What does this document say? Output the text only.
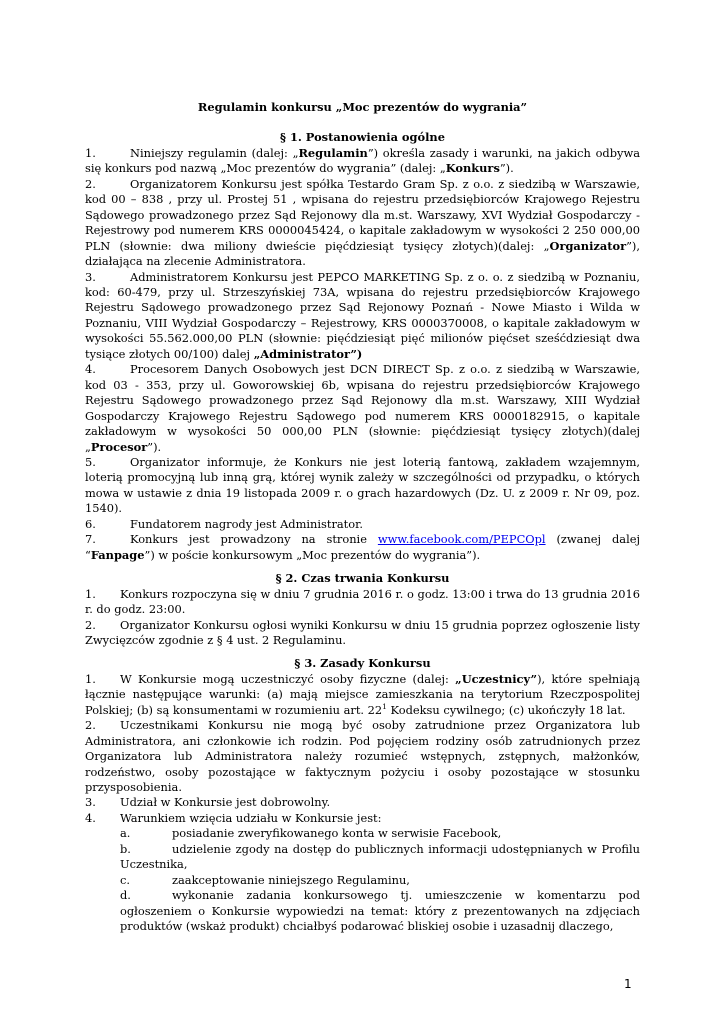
Regulamin konkursu „Moc prezentów do wygrania”

§ 1. Postanowienia ogólne

1.	Niniejszy regulamin (dalej: „Regulamin”) określa zasady i warunki, na jakich odbywa się konkurs pod nazwą „Moc prezentów do wygrania” (dalej: „Konkurs”).

2.	Organizatorem Konkursu jest spółka Testardo Gram Sp. z o.o. z siedzibą w Warszawie, kod 00 – 838 , przy ul. Prostej 51 , wpisana do rejestru przedsiębiorców Krajowego Rejestru Sądowego prowadzonego przez Sąd Rejonowy dla m.st. Warszawy, XVI Wydział Gospodarczy - Rejestrowy pod numerem KRS 0000045424, o kapitale zakładowym w wysokości 2 250 000,00 PLN (słownie: dwa miliony dwieście pięćdziesiąt tysięcy złotych)(dalej: „Organizator”), działająca na zlecenie Administratora.

3.	Administratorem Konkursu jest PEPCO MARKETING Sp. z o. o. z siedzibą w Poznaniu, kod: 60-479, przy ul. Strzeszyńskiej 73A, wpisana do rejestru przedsiębiorców Krajowego Rejestru Sądowego prowadzonego przez Sąd Rejonowy Poznań - Nowe Miasto i Wilda w Poznaniu, VIII Wydział Gospodarczy – Rejestrowy, KRS 0000370008, o kapitale zakładowym w wysokości 55.562.000,00 PLN (słownie: pięćdziesiąt pięć milionów pięćset sześćdziesiąt dwa tysiące złotych 00/100) dalej „Administrator”)

4.	Procesorem Danych Osobowych jest DCN DIRECT Sp. z o.o. z siedzibą w Warszawie, kod 03 - 353, przy ul. Goworowskiej 6b, wpisana do rejestru przedsiębiorców Krajowego Rejestru Sądowego prowadzonego przez Sąd Rejonowy dla m.st. Warszawy, XIII Wydział Gospodarczy Krajowego Rejestru Sądowego pod numerem KRS 0000182915, o kapitale zakładowym w wysokości 50 000,00 PLN (słownie: pięćdziesiąt tysięcy złotych)(dalej „Procesor”).

5.	Organizator informuje, że Konkurs nie jest loterią fantową, zakładem wzajemnym, loterią promocyjną lub inną grą, której wynik zależy w szczególności od przypadku, o których mowa w ustawie z dnia 19 listopada 2009 r. o grach hazardowych (Dz. U. z 2009 r. Nr 09, poz. 1540).

6.	Fundatorem nagrody jest Administrator.

7.	Konkurs jest prowadzony na stronie www.facebook.com/PEPCOpl (zwanej dalej “Fanpage”) w poście konkursowym „Moc prezentów do wygrania”).

§ 2. Czas trwania Konkursu

1. Konkurs rozpoczyna się w dniu 7 grudnia 2016 r. o godz. 13:00 i trwa do 13 grudnia 2016 r. do godz. 23:00.

2. Organizator Konkursu ogłosi wyniki Konkursu w dniu 15 grudnia poprzez ogłoszenie listy Zwycięzców zgodnie z § 4 ust. 2 Regulaminu.

§ 3. Zasady Konkursu

1. W Konkursie mogą uczestniczyć osoby fizyczne (dalej: „Uczestnicy”), które spełniają łącznie następujące warunki: (a) mają miejsce zamieszkania na terytorium Rzeczpospolitej Polskiej; (b) są konsumentami w rozumieniu art. $22^1$ Kodeksu cywilnego; (c) ukończyły 18 lat.

2. Uczestnikami Konkursu nie mogą być osoby zatrudnione przez Organizatora lub Administratora, ani członkowie ich rodzin. Pod pojęciem rodziny osób zatrudnionych przez Organizatora lub Administratora należy rozumieć wstępnych, zstępnych, małżonków, rodzeństwo, osoby pozostające w faktycznym pożyciu i osoby pozostające w stosunku przysposobienia.

3. Udział w Konkursie jest dobrowolny.

4. Warunkiem wzięcia udziału w Konkursie jest:

a.	posiadanie zweryfikowanego konta w serwisie Facebook,

b.	udzielenie zgody na dostęp do publicznych informacji udostępnianych w Profilu Uczestnika,

c.	zaakceptowanie niniejszego Regulaminu,

d.	wykonanie zadania konkursowego tj. umieszczenie w komentarzu pod ogłoszeniem o Konkursie wypowiedzi na temat: który z prezentowanych na zdjęciach produktów (wskaż produkt) chciałbyś podarować bliskiej osobie i uzasadnij dlaczego,

1
